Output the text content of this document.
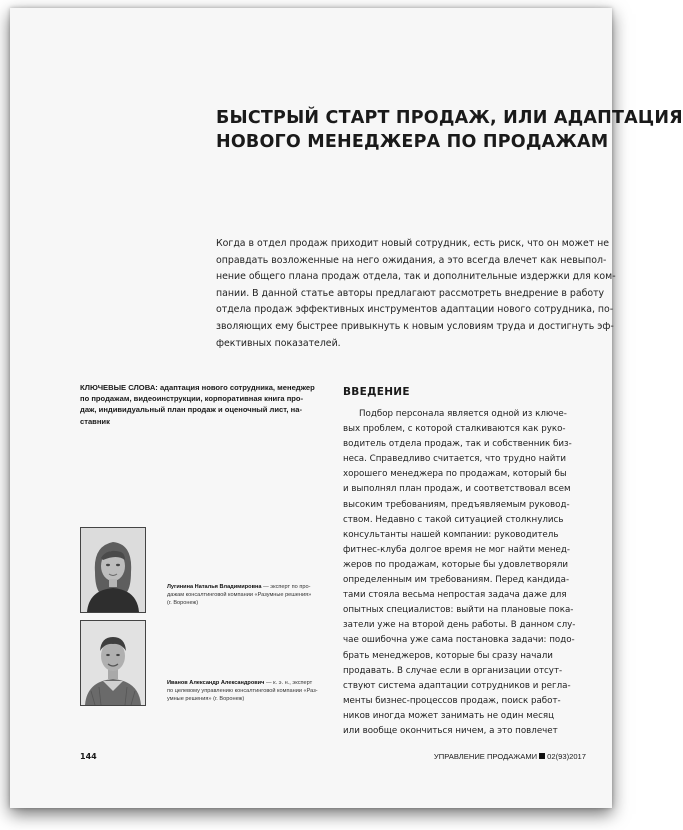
БЫСТРЫЙ СТАРТ ПРОДАЖ, ИЛИ АДАПТАЦИЯ
НОВОГО МЕНЕДЖЕРА ПО ПРОДАЖАМ
Когда в отдел продаж приходит новый сотрудник, есть риск, что он может не
оправдать возложенные на него ожидания, а это всегда влечет как невыпол-
нение общего плана продаж отдела, так и дополнительные издержки для ком-
пании. В данной статье авторы предлагают рассмотреть внедрение в работу
отдела продаж эффективных инструментов адаптации нового сотрудника, по-
зволяющих ему быстрее привыкнуть к новым условиям труда и достигнуть эф-
фективных показателей.
КЛЮЧЕВЫЕ СЛОВА: адаптация нового сотрудника, менеджер
по продажам, видеоинструкции, корпоративная книга про-
даж, индивидуальный план продаж и оценочный лист, на-
ставник
ВВЕДЕНИЕ
Подбор персонала является одной из ключе-
вых проблем, с которой сталкиваются как руко-
водитель отдела продаж, так и собственник биз-
неса. Справедливо считается, что трудно найти
хорошего менеджера по продажам, который бы
и выполнял план продаж, и соответствовал всем
высоким требованиям, предъявляемым руковод-
ством. Недавно с такой ситуацией столкнулись
консультанты нашей компании: руководитель
фитнес-клуба долгое время не мог найти менед-
жеров по продажам, которые бы удовлетворяли
определенным им требованиям. Перед кандида-
тами стояла весьма непростая задача даже для
опытных специалистов: выйти на плановые пока-
затели уже на второй день работы. В данном слу-
чае ошибочна уже сама постановка задачи: подо-
брать менеджеров, которые бы сразу начали
продавать. В случае если в организации отсут-
ствуют система адаптации сотрудников и регла-
менты бизнес-процессов продаж, поиск работ-
ников иногда может занимать не один месяц
или вообще окончиться ничем, а это повлечет
Лугинина Наталья Владимировна — эксперт по про-
дажам консалтинговой компании «Разумные решения»
(г. Воронеж)
Иванов Александр Александрович — к. э. н., эксперт
по целевому управлению консалтинговой компании «Раз-
умные решения» (г. Воронеж)
144	УПРАВЛЕНИЕ ПРОДАЖАМИ 02(93)2017
